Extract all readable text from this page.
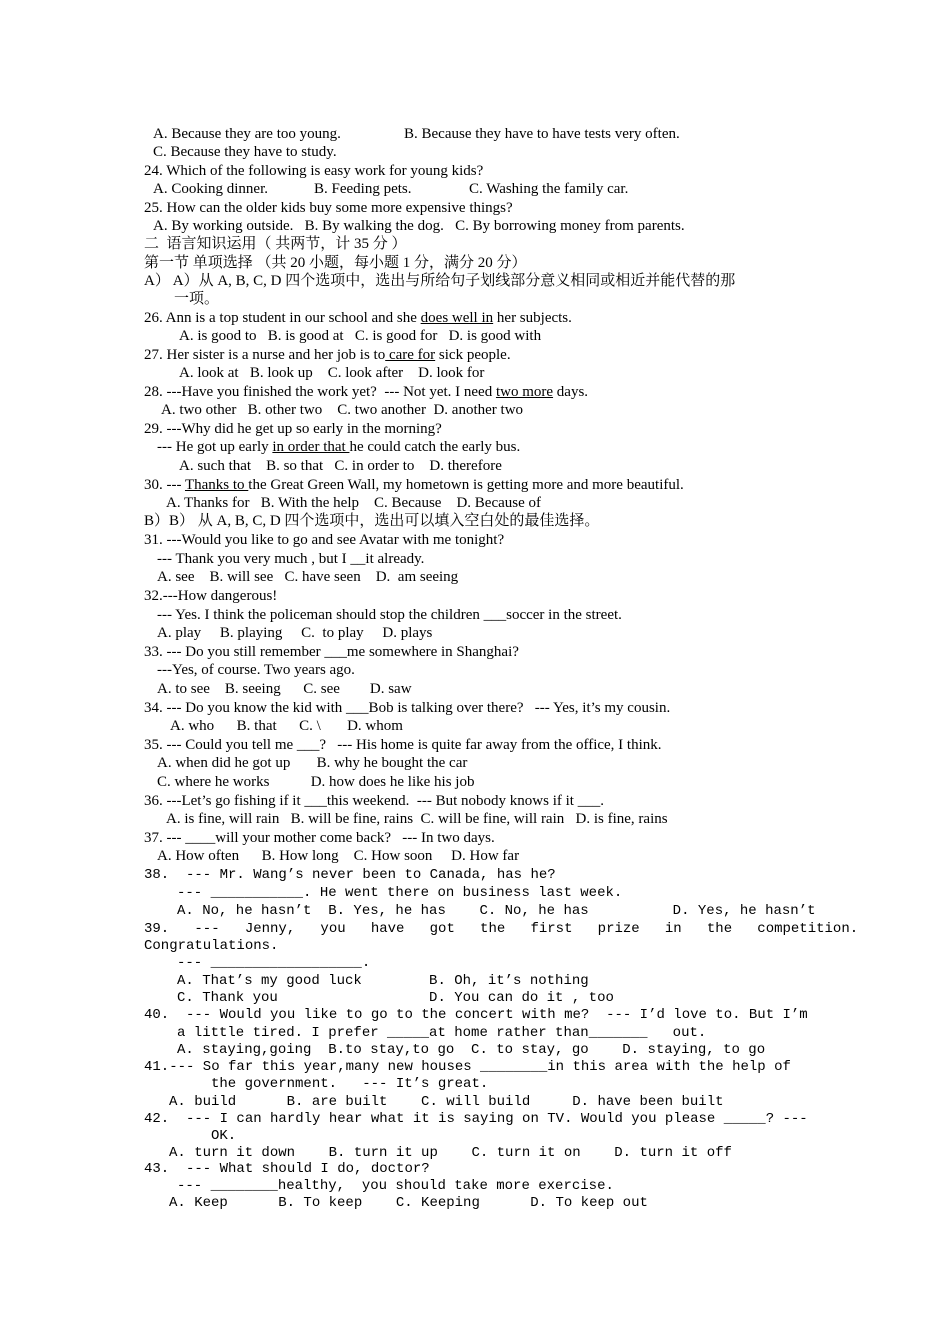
A. Because they are too young.	B. Because they have to have tests very often.
C. Because they have to study.
24. Which of the following is easy work for young kids?
A. Cooking dinner.	B. Feeding pets.	C. Washing the family car.
25. How can the older kids buy some more expensive things?
A. By working outside.   B. By walking the dog.   C. By borrowing money from parents.
二  语言知识运用（ 共两节，计 35 分 ）
第一节 单项选择 （共 20 小题，每小题 1 分，满分 20 分）
A） A）从 A, B, C, D 四个选项中，选出与所给句子划线部分意义相同或相近并能代替的那
一项。
26. Ann is a top student in our school and she does well in her subjects.
A. is good to   B. is good at   C. is good for   D. is good with
27. Her sister is a nurse and her job is to care for sick people.
A. look at   B. look up    C. look after    D. look for
28. ---Have you finished the work yet?  --- Not yet. I need two more days.
A. two other   B. other two    C. two another  D. another two
29. ---Why did he get up so early in the morning?
--- He got up early in order that he could catch the early bus.
A. such that    B. so that   C. in order to    D. therefore
30. --- Thanks to the Great Green Wall, my hometown is getting more and more beautiful.
A. Thanks for   B. With the help    C. Because    D. Because of
B）B） 从 A, B, C, D 四个选项中，选出可以填入空白处的最佳选择。
31. ---Would you like to go and see Avatar with me tonight?
--- Thank you very much , but I __it already.
A. see    B. will see   C. have seen    D.  am seeing
32.---How dangerous!
--- Yes. I think the policeman should stop the children ___soccer in the street.
A. play     B. playing     C.  to play     D. plays
33. --- Do you still remember ___me somewhere in Shanghai?
---Yes, of course. Two years ago.
A. to see    B. seeing      C. see        D. saw
34. --- Do you know the kid with ___Bob is talking over there?   --- Yes, it’s my cousin.
A. who      B. that      C. \       D. whom
35. --- Could you tell me ___?   --- His home is quite far away from the office, I think.
A. when did he got up       B. why he bought the car
C. where he works           D. how does he like his job
36. ---Let’s go fishing if it ___this weekend.  --- But nobody knows if it ___.
A. is fine, will rain   B. will be fine, rains  C. will be fine, will rain   D. is fine, rains
37. --- ____will your mother come back?   --- In two days.
A. How often      B. How long    C. How soon     D. How far
38.  --- Mr. Wang’s never been to Canada, has he?
--- ___________. He went there on business last week.
A. No, he hasn’t  B. Yes, he has    C. No, he has          D. Yes, he hasn’t
39.   ---   Jenny,   you   have   got   the   first   prize   in   the   competition.
Congratulations.
--- __________________.
A. That’s my good luck        B. Oh, it’s nothing
C. Thank you                  D. You can do it , too
40.  --- Would you like to go to the concert with me?  --- I’d love to. But I’m
a little tired. I prefer _____at home rather than_______   out.
A. staying,going  B.to stay,to go  C. to stay, go    D. staying, to go
41.--- So far this year,many new houses ________in this area with the help of
the government.   --- It’s great.
A. build      B. are built    C. will build     D. have been built
42.  --- I can hardly hear what it is saying on TV. Would you please _____? ---
OK.
A. turn it down    B. turn it up    C. turn it on    D. turn it off
43.  --- What should I do, doctor?
--- ________healthy,  you should take more exercise.
A. Keep      B. To keep    C. Keeping      D. To keep out
